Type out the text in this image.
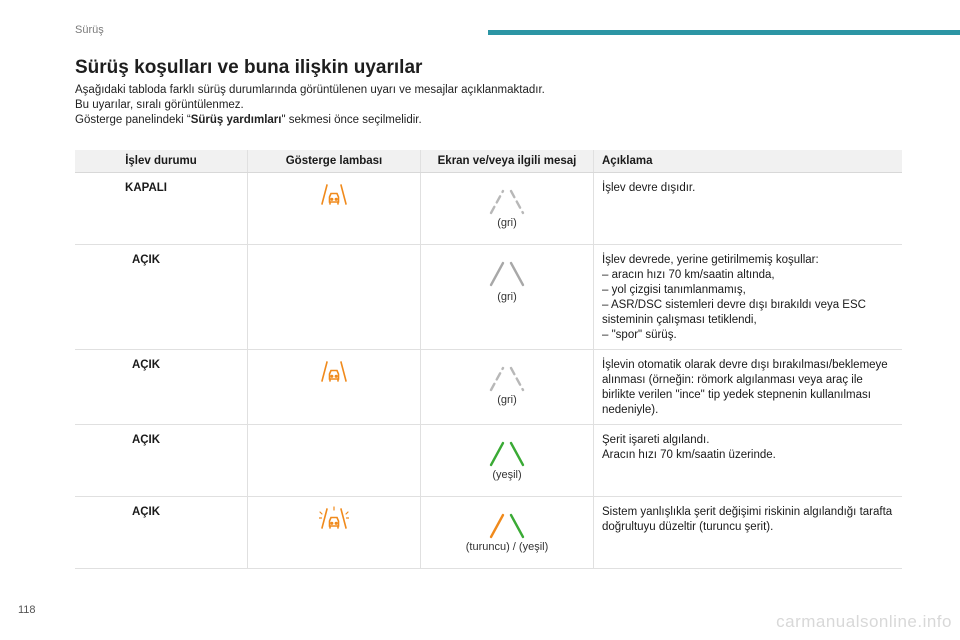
Sürüş
Sürüş koşulları ve buna ilişkin uyarılar
Aşağıdaki tabloda farklı sürüş durumlarında görüntülenen uyarı ve mesajlar açıklanmaktadır.
Bu uyarılar, sıralı görüntülenmez.
Gösterge panelindeki “Sürüş yardımları" sekmesi önce seçilmelidir.
İşlev durumu	Gösterge lambası	Ekran ve/veya ilgili mesaj	Açıklama
KAPALI		(gri)	İşlev devre dışıdır.

AÇIK		(gri)	İşlev devrede, yerine getirilmemiş koşullar:
– aracın hızı 70 km/saatin altında,
– yol çizgisi tanımlanmamış,
– ASR/DSC sistemleri devre dışı bırakıldı veya ESC sisteminin çalışması tetiklendi,
– "spor" sürüş.

AÇIK		(gri)	İşlevin otomatik olarak devre dışı bırakılması/beklemeye alınması (örneğin: römork algılanması veya araç ile birlikte verilen "ince" tip yedek stepnenin kullanılması nedeniyle).

AÇIK		(yeşil)	Şerit işareti algılandı.
Aracın hızı 70 km/saatin üzerinde.

AÇIK		(turuncu) / (yeşil)	Sistem yanlışlıkla şerit değişimi riskinin algılandığı tarafta doğrultuyu düzeltir (turuncu şerit).
118
carmanualsonline.info
